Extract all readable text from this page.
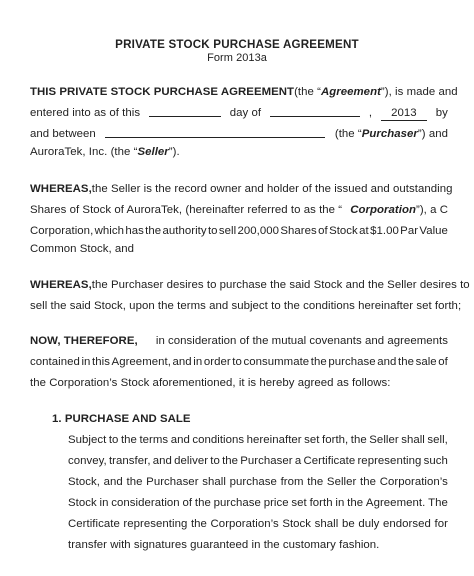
PRIVATE STOCK PURCHASE AGREEMENT
Form 2013a
THIS PRIVATE STOCK PURCHASE AGREEMENT (the “Agreement”), is made and
entered into as of this	day of	,	2013	by
and between	(the “Purchaser”) and
AuroraTek, Inc. (the “Seller”).
WHEREAS, the Seller is the record owner and holder of the issued and outstanding
Shares of Stock of AuroraTek, (hereinafter referred to as the “ Corporation”), a C
Corporation, which has the authority to sell 200,000 Shares of Stock at $1.00 Par Value
Common Stock, and
WHEREAS, the Purchaser desires to purchase the said Stock and the Seller desires to
sell the said Stock, upon the terms and subject to the conditions hereinafter set forth;
NOW, THEREFORE, in consideration of the mutual covenants and agreements
contained in this Agreement, and in order to consummate the purchase and the sale of
the Corporation’s Stock aforementioned, it is hereby agreed as follows:
1. PURCHASE AND SALE
Subject to the terms and conditions hereinafter set forth, the Seller shall sell,
convey, transfer, and deliver to the Purchaser a Certificate representing such
Stock, and the Purchaser shall purchase from the Seller the Corporation’s
Stock in consideration of the purchase price set forth in the Agreement. The
Certificate representing the Corporation’s Stock shall be duly endorsed for
transfer with signatures guaranteed in the customary fashion.
